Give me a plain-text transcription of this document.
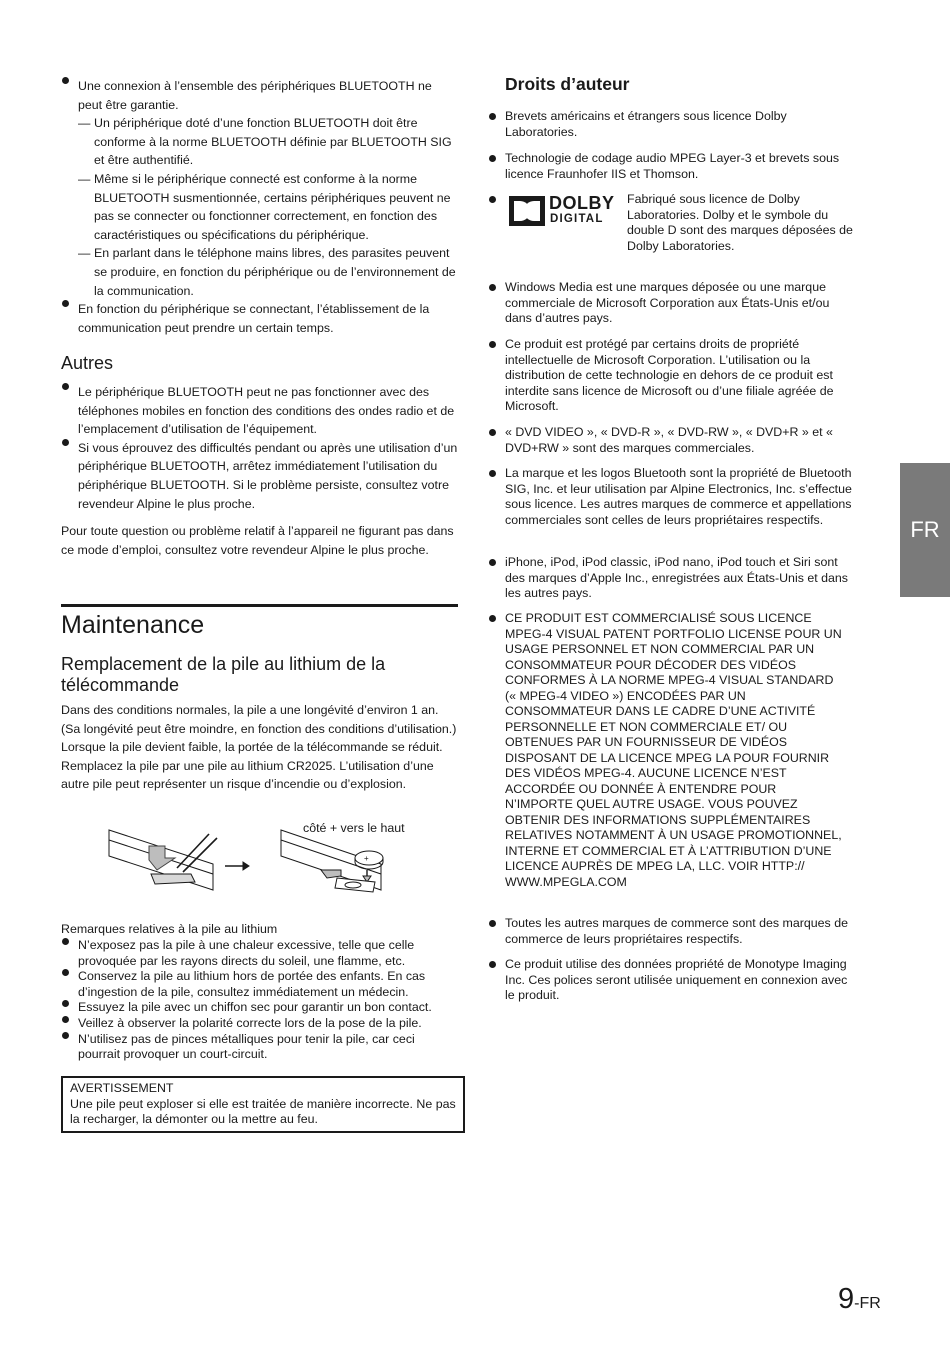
Une connexion à l’ensemble des périphériques BLUETOOTH ne peut être garantie.
— Un périphérique doté d’une fonction BLUETOOTH doit être conforme à la norme BLUETOOTH définie par BLUETOOTH SIG et être authentifié.
— Même si le périphérique connecté est conforme à la norme BLUETOOTH susmentionnée, certains périphériques peuvent ne pas se connecter ou fonctionner correctement, en fonction des caractéristiques ou spécifications du périphérique.
— En parlant dans le téléphone mains libres, des parasites peuvent se produire, en fonction du périphérique ou de l’environnement de la communication.
En fonction du périphérique se connectant, l’établissement de la communication peut prendre un certain temps.
Autres
Le périphérique BLUETOOTH peut ne pas fonctionner avec des téléphones mobiles en fonction des conditions des ondes radio et de l’emplacement d’utilisation de l’équipement.
Si vous éprouvez des difficultés pendant ou après une utilisation d’un périphérique BLUETOOTH, arrêtez immédiatement l’utilisation du périphérique BLUETOOTH. Si le problème persiste, consultez votre revendeur Alpine le plus proche.

Pour toute question ou problème relatif à l’appareil ne figurant pas dans ce mode d’emploi, consultez votre revendeur Alpine le plus proche.

Maintenance
Remplacement de la pile au lithium de la télécommande

Dans des conditions normales, la pile a une longévité d’environ 1 an. (Sa longévité peut être moindre, en fonction des conditions d’utilisation.) Lorsque la pile devient faible, la portée de la télécommande se réduit. Remplacez la pile par une pile au lithium CR2025. L’utilisation d’une autre pile peut représenter un risque d’incendie ou d’explosion.

côté + vers le haut
+

Remarques relatives à la pile au lithium

N’exposez pas la pile à une chaleur excessive, telle que celle provoquée par les rayons directs du soleil, une flamme, etc.
Conservez la pile au lithium hors de portée des enfants. En cas d’ingestion de la pile, consultez immédiatement un médecin.
Essuyez la pile avec un chiffon sec pour garantir un bon contact.
Veillez à observer la polarité correcte lors de la pose de la pile.
N’utilisez pas de pinces métalliques pour tenir la pile, car ceci pourrait provoquer un court-circuit.
AVERTISSEMENT
Une pile peut exploser si elle est traitée de manière incorrecte. Ne pas la recharger, la démonter ou la mettre au feu.
Droits d’auteur
Brevets américains et étrangers sous licence Dolby Laboratories.
Technologie de codage audio MPEG Layer-3 et brevets sous licence Fraunhofer IIS et Thomson.
DOLBY
DIGITAL
Fabriqué sous licence de Dolby Laboratories. Dolby et le symbole du double D sont des marques déposées de Dolby Laboratories.
Windows Media est une marques déposée ou une marque commerciale de Microsoft Corporation aux États-Unis et/ou dans d’autres pays.
Ce produit est protégé par certains droits de propriété intellectuelle de Microsoft Corporation. L’utilisation ou la distribution de cette technologie en dehors de ce produit est interdite sans licence de Microsoft ou d’une filiale agréée de Microsoft.
« DVD VIDEO », « DVD-R », « DVD-RW », « DVD+R » et « DVD+RW » sont des marques commerciales.
La marque et les logos Bluetooth sont la propriété de Bluetooth SIG, Inc. et leur utilisation par Alpine Electronics, Inc. s’effectue sous licence. Les autres marques de commerce et appellations commerciales sont celles de leurs propriétaires respectifs.
iPhone, iPod, iPod classic, iPod nano, iPod touch et Siri sont des marques d’Apple Inc., enregistrées aux États-Unis et dans les autres pays.
CE PRODUIT EST COMMERCIALISÉ SOUS LICENCE MPEG-4 VISUAL PATENT PORTFOLIO LICENSE POUR UN USAGE PERSONNEL ET NON COMMERCIAL PAR UN CONSOMMATEUR POUR DÉCODER DES VIDÉOS CONFORMES À LA NORME MPEG-4 VISUAL STANDARD (« MPEG-4 VIDEO ») ENCODÉES PAR UN CONSOMMATEUR DANS LE CADRE D’UNE ACTIVITÉ PERSONNELLE ET NON COMMERCIALE ET/ OU OBTENUES PAR UN FOURNISSEUR DE VIDÉOS DISPOSANT DE LA LICENCE MPEG LA POUR FOURNIR DES VIDÉOS MPEG-4. AUCUNE LICENCE N’EST ACCORDÉE OU DONNÉE À ENTENDRE POUR N’IMPORTE QUEL AUTRE USAGE. VOUS POUVEZ OBTENIR DES INFORMATIONS SUPPLÉMENTAIRES RELATIVES NOTAMMENT À UN USAGE PROMOTIONNEL, INTERNE ET COMMERCIAL ET À L’ATTRIBUTION D’UNE LICENCE AUPRÈS DE MPEG LA, LLC. VOIR HTTP:// WWW.MPEGLA.COM
Toutes les autres marques de commerce sont des marques de commerce de leurs propriétaires respectifs.
Ce produit utilise des données propriété de Monotype Imaging Inc. Ces polices seront utilisée uniquement en connexion avec le produit.
FR
9-FR
